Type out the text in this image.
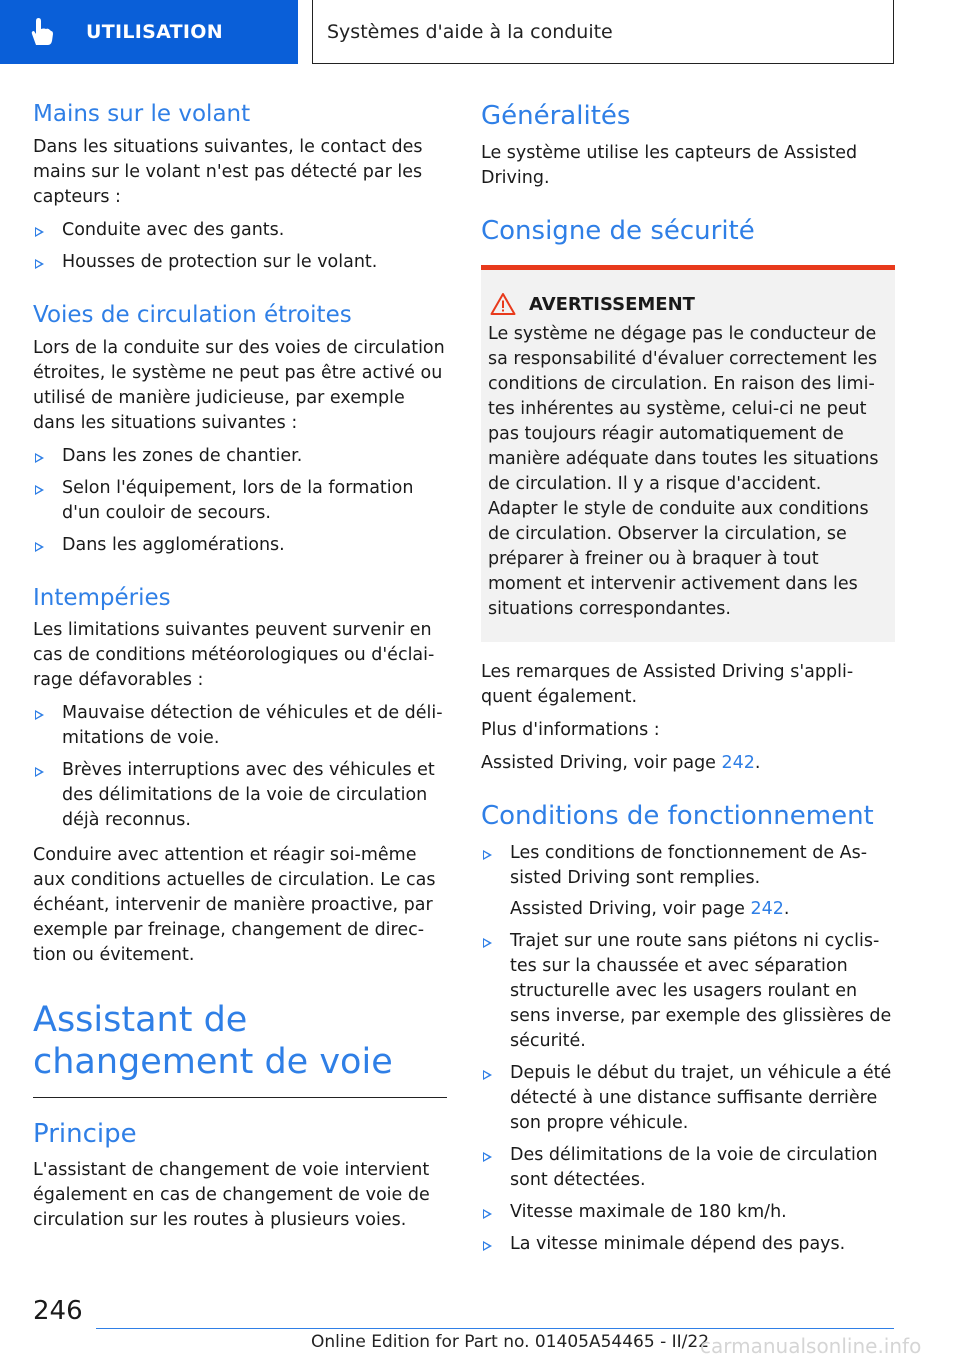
UTILISATION	Systèmes d'aide à la conduite
Mains sur le volant

Dans les situations suivantes, le contact des mains sur le volant n'est pas détecté par les capteurs :

Conduite avec des gants.
Housses de protection sur le volant.
Voies de circulation étroites

Lors de la conduite sur des voies de circulation étroites, le système ne peut pas être activé ou utilisé de manière judicieuse, par exemple dans les situations suivantes :

Dans les zones de chantier.
Selon l'équipement, lors de la formation d'un couloir de secours.
Dans les agglomérations.
Intempéries

Les limitations suivantes peuvent survenir en cas de conditions météorologiques ou d'éclairage défavorables :

Mauvaise détection de véhicules et de délimitations de voie.
Brèves interruptions avec des véhicules et des délimitations de la voie de circulation déjà reconnus.

Conduire avec attention et réagir soi-même aux conditions actuelles de circulation. Le cas échéant, intervenir de manière proactive, par exemple par freinage, changement de direction ou évitement.

Assistant de changement de voie
Principe

L'assistant de changement de voie intervient également en cas de changement de voie de circulation sur les routes à plusieurs voies.

Généralités

Le système utilise les capteurs de Assisted Driving.

Consigne de sécurité
AVERTISSEMENT

Le système ne dégage pas le conducteur de sa responsabilité d'évaluer correctement les conditions de circulation. En raison des limites inhérentes au système, celui-ci ne peut pas toujours réagir automatiquement de manière adéquate dans toutes les situations de circulation. Il y a risque d'accident. Adapter le style de conduite aux conditions de circulation. Observer la circulation, se préparer à freiner ou à braquer à tout moment et intervenir activement dans les situations correspondantes.

Les remarques de Assisted Driving s'appliquent également.

Plus d'informations :

Assisted Driving, voir page 242.

Conditions de fonctionnement
Les conditions de fonctionnement de Assisted Driving sont remplies.
Assisted Driving, voir page 242.
Trajet sur une route sans piétons ni cyclistes sur la chaussée et avec séparation structurelle avec les usagers roulant en sens inverse, par exemple des glissières de sécurité.
Depuis le début du trajet, un véhicule a été détecté à une distance suffisante derrière son propre véhicule.
Des délimitations de la voie de circulation sont détectées.
Vitesse maximale de 180 km/h.
La vitesse minimale dépend des pays.
246
Online Edition for Part no. 01405A54465 - II/22
carmanualsonline.info
